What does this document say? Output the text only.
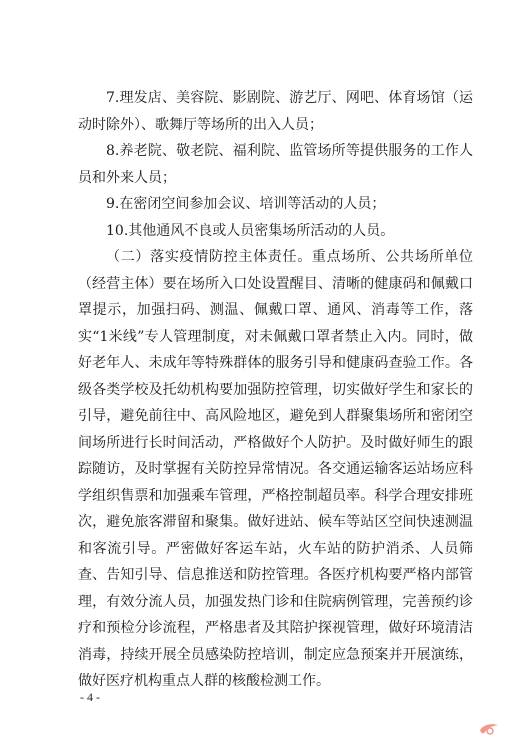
7.理发店、美容院、影剧院、游艺厅、网吧、体育场馆（运动时除外）、歌舞厅等场所的出入人员；

8.养老院、敬老院、福利院、监管场所等提供服务的工作人员和外来人员；

9.在密闭空间参加会议、培训等活动的人员；

10.其他通风不良或人员密集场所活动的人员。

（二）落实疫情防控主体责任。重点场所、公共场所单位（经营主体）要在场所入口处设置醒目、清晰的健康码和佩戴口罩提示，加强扫码、测温、佩戴口罩、通风、消毒等工作，落实“1米线”专人管理制度，对未佩戴口罩者禁止入内。同时，做好老年人、未成年等特殊群体的服务引导和健康码查验工作。各级各类学校及托幼机构要加强防控管理，切实做好学生和家长的引导，避免前往中、高风险地区，避免到人群聚集场所和密闭空间场所进行长时间活动，严格做好个人防护。及时做好师生的跟踪随访，及时掌握有关防控异常情况。各交通运输客运站场应科学组织售票和加强乘车管理，严格控制超员率。科学合理安排班次，避免旅客滞留和聚集。做好进站、候车等站区空间快速测温和客流引导。严密做好客运车站，火车站的防护消杀、人员筛查、告知引导、信息推送和防控管理。各医疗机构要严格内部管理，有效分流人员，加强发热门诊和住院病例管理，完善预约诊疗和预检分诊流程，严格患者及其陪护探视管理，做好环境清洁消毒，持续开展全员感染防控培训，制定应急预案并开展演练，做好医疗机构重点人群的核酸检测工作。

- 4 -
